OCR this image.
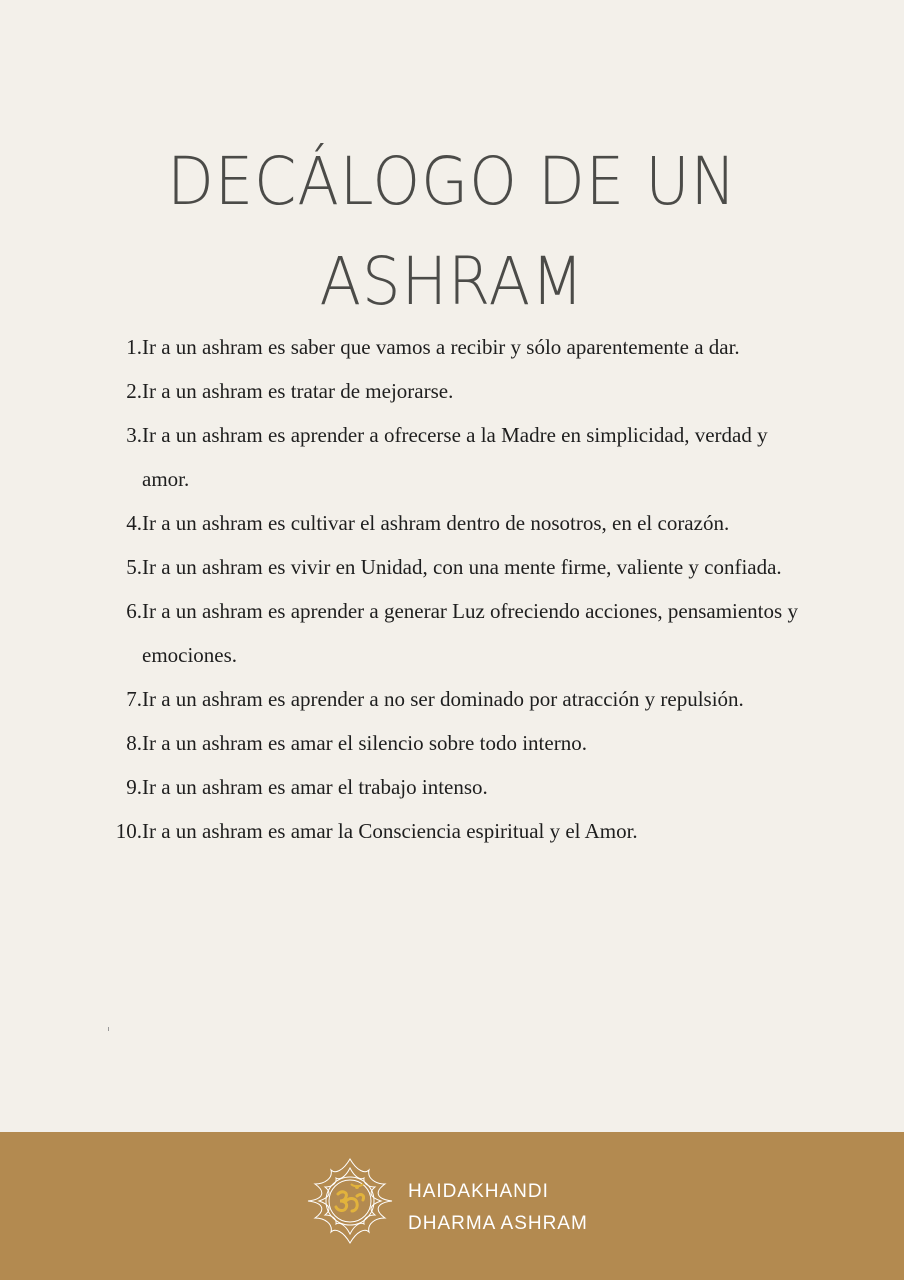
DECÁLOGO DE UN
ASHRAM
1. Ir a un ashram es saber que vamos a recibir y sólo aparentemente a dar.
2. Ir a un ashram es tratar de mejorarse.
3. Ir a un ashram es aprender a ofrecerse a la Madre en simplicidad, verdad y amor.
4. Ir a un ashram es cultivar el ashram dentro de nosotros, en el corazón.
5. Ir a un ashram es vivir en Unidad, con una mente firme, valiente y confiada.
6. Ir a un ashram es aprender a generar Luz ofreciendo acciones, pensamientos y emociones.
7. Ir a un ashram es aprender a no ser dominado por atracción y repulsión.
8. Ir a un ashram es amar el silencio sobre todo interno.
9. Ir a un ashram es amar el trabajo intenso.
10. Ir a un ashram es amar la Consciencia espiritual y el Amor.
HAIDAKHANDI
DHARMA ASHRAM
